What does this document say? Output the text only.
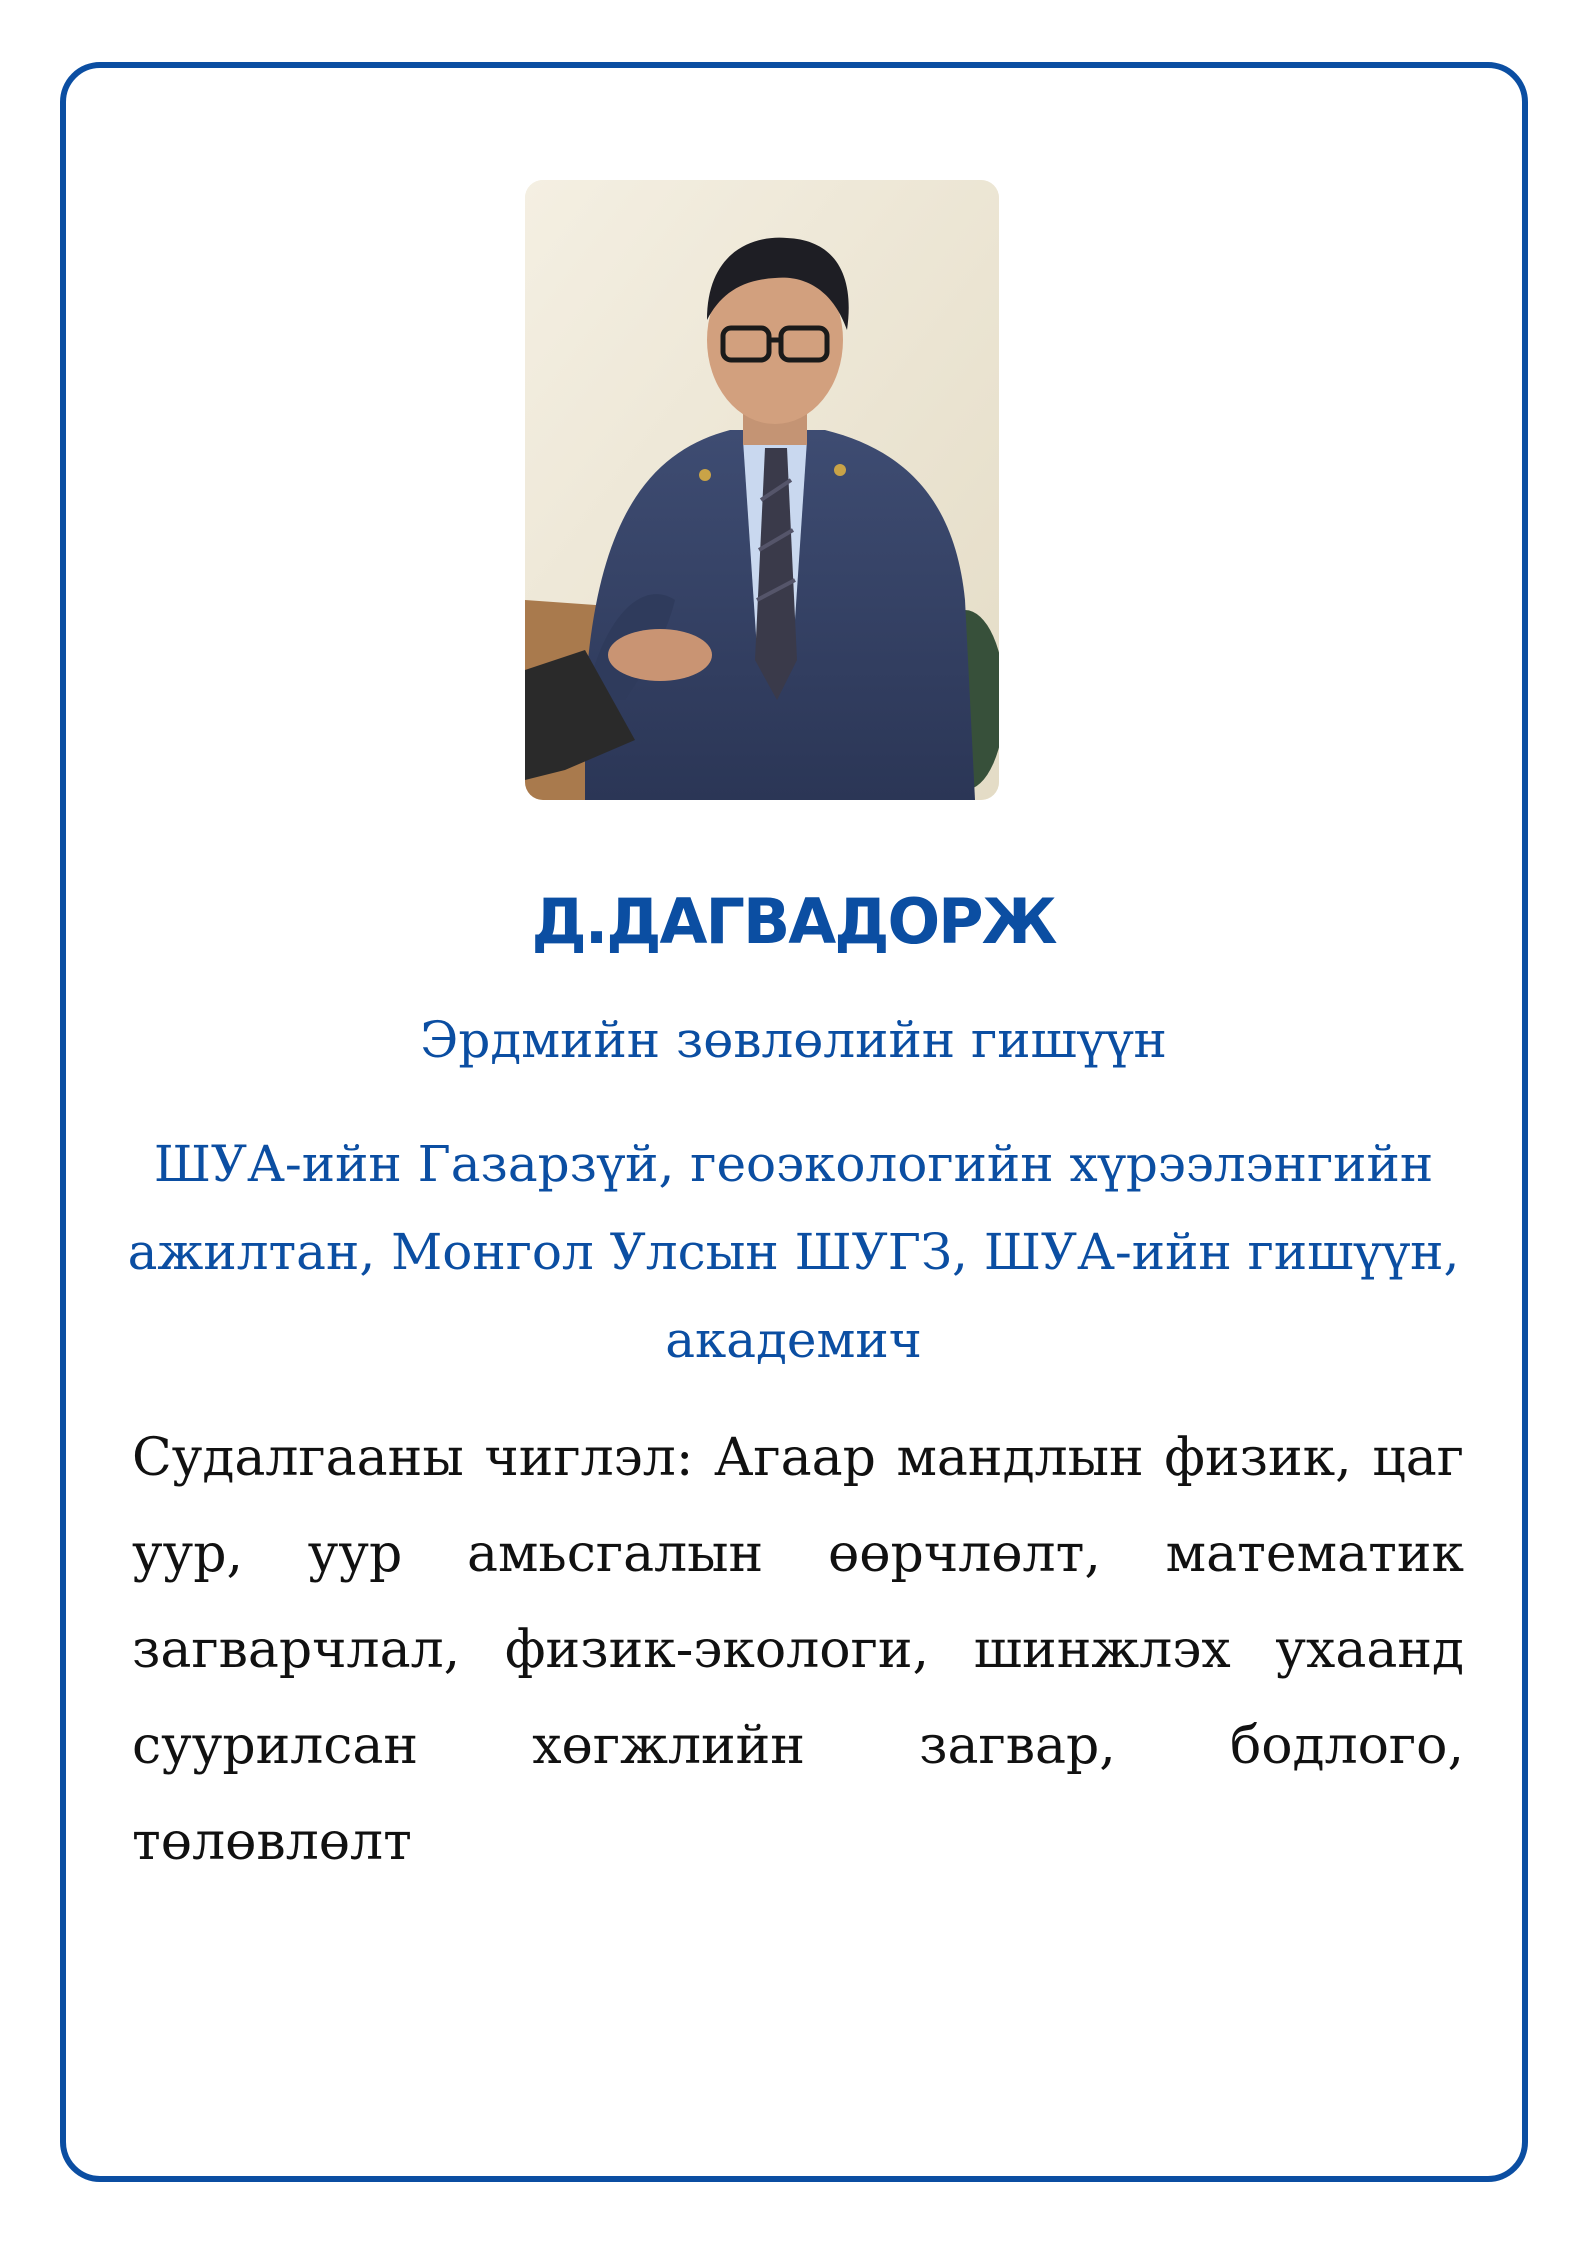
Д.ДАГВАДОРЖ
Эрдмийн зөвлөлийн гишүүн
ШУА-ийн Газарзүй, геоэкологийн хүрээлэнгийн ажилтан, Монгол Улсын ШУГЗ, ШУА-ийн гишүүн, академич
Судалгааны чиглэл: Агаар мандлын физик, цаг уур, уур амьсгалын өөрчлөлт, математик загварчлал, физик-экологи, шинжлэх ухаанд суурилсан хөгжлийн загвар, бодлого, төлөвлөлт
